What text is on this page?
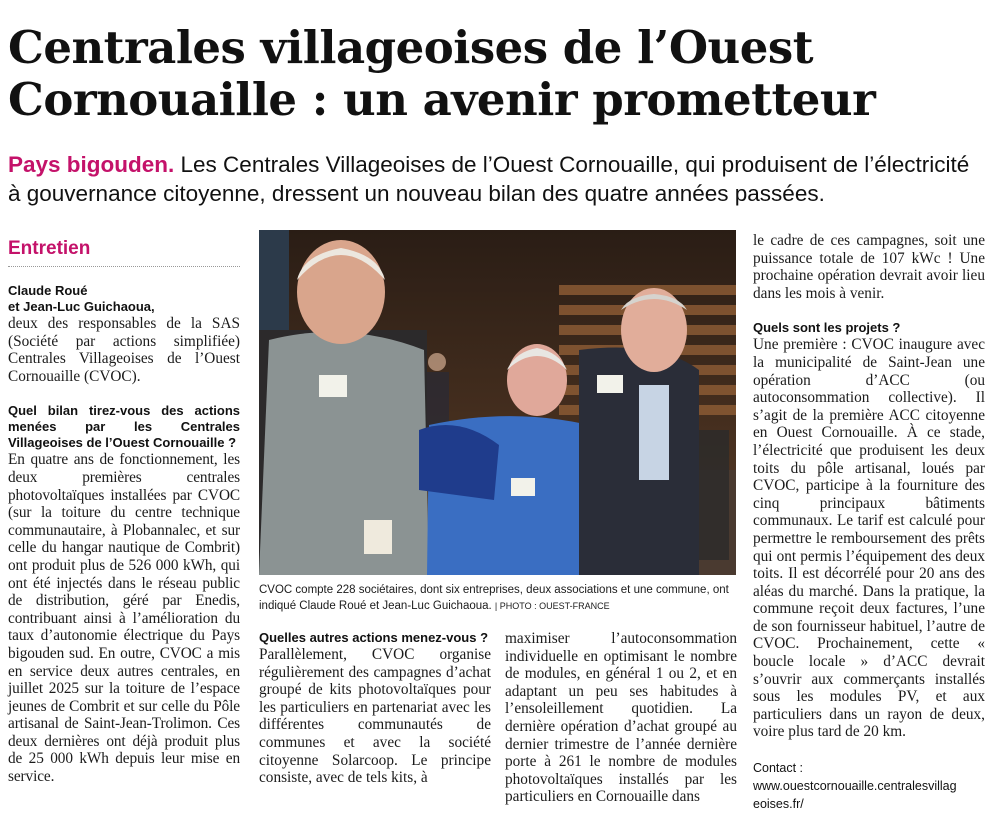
Centrales villageoises de l’Ouest
Cornouaille : un avenir prometteur
Pays bigouden. Les Centrales Villageoises de l’Ouest Cornouaille, qui produisent de l’électricité à gouvernance citoyenne, dressent un nouveau bilan des quatre années passées.
Entretien
Claude Roué
et Jean-Luc Guichaoua,

deux des responsables de la SAS (Société par actions simplifiée) Centrales Villageoises de l’Ouest Cornouaille (CVOC).

Quel bilan tirez-vous des actions menées par les Centrales Villageoises de l’Ouest Cornouaille ?

En quatre ans de fonctionnement, les deux premières centrales photovoltaïques installées par CVOC (sur la toiture du centre technique communautaire, à Plobannalec, et sur celle du hangar nautique de Combrit) ont produit plus de 526 000 kWh, qui ont été injectés dans le réseau public de distribution, géré par Enedis, contribuant ainsi à l’amélioration du taux d’autonomie électrique du Pays bigouden sud. En outre, CVOC a mis en service deux autres centrales, en juillet 2025 sur la toiture de l’espace jeunes de Combrit et sur celle du Pôle artisanal de Saint-Jean-Trolimon. Ces deux dernières ont déjà produit plus de 25 000 kWh depuis leur mise en service.

CVOC compte 228 sociétaires, dont six entreprises, deux associations et une commune, ont indiqué Claude Roué et Jean-Luc Guichaoua. | PHOTO : OUEST-FRANCE

Quelles autres actions menez-vous ?

Parallèlement, CVOC organise régulièrement des campagnes d’achat groupé de kits photovoltaïques pour les particuliers en partenariat avec les différentes communautés de communes et avec la société citoyenne Solarcoop. Le principe consiste, avec de tels kits, à

maximiser l’autoconsommation individuelle en optimisant le nombre de modules, en général 1 ou 2, et en adaptant un peu ses habitudes à l’ensoleillement quotidien. La dernière opération d’achat groupé au dernier trimestre de l’année dernière porte à 261 le nombre de modules photovoltaïques installés par les particuliers en Cornouaille dans

le cadre de ces campagnes, soit une puissance totale de 107 kWc ! Une prochaine opération devrait avoir lieu dans les mois à venir.

Quels sont les projets ?

Une première : CVOC inaugure avec la municipalité de Saint-Jean une opération d’ACC (ou autoconsommation collective). Il s’agit de la première ACC citoyenne en Ouest Cornouaille. À ce stade, l’électricité que produisent les deux toits du pôle artisanal, loués par CVOC, participe à la fourniture des cinq principaux bâtiments communaux. Le tarif est calculé pour permettre le remboursement des prêts qui ont permis l’équipement des deux toits. Il est décorrélé pour 20 ans des aléas du marché. Dans la pratique, la commune reçoit deux factures, l’une de son fournisseur habituel, l’autre de CVOC. Prochainement, cette « boucle locale » d’ACC devrait s’ouvrir aux commerçants installés sous les modules PV, et aux particuliers dans un rayon de deux, voire plus tard de 20 km.

Contact :
www.ouestcornouaille.centralesvillag
eoises.fr/
